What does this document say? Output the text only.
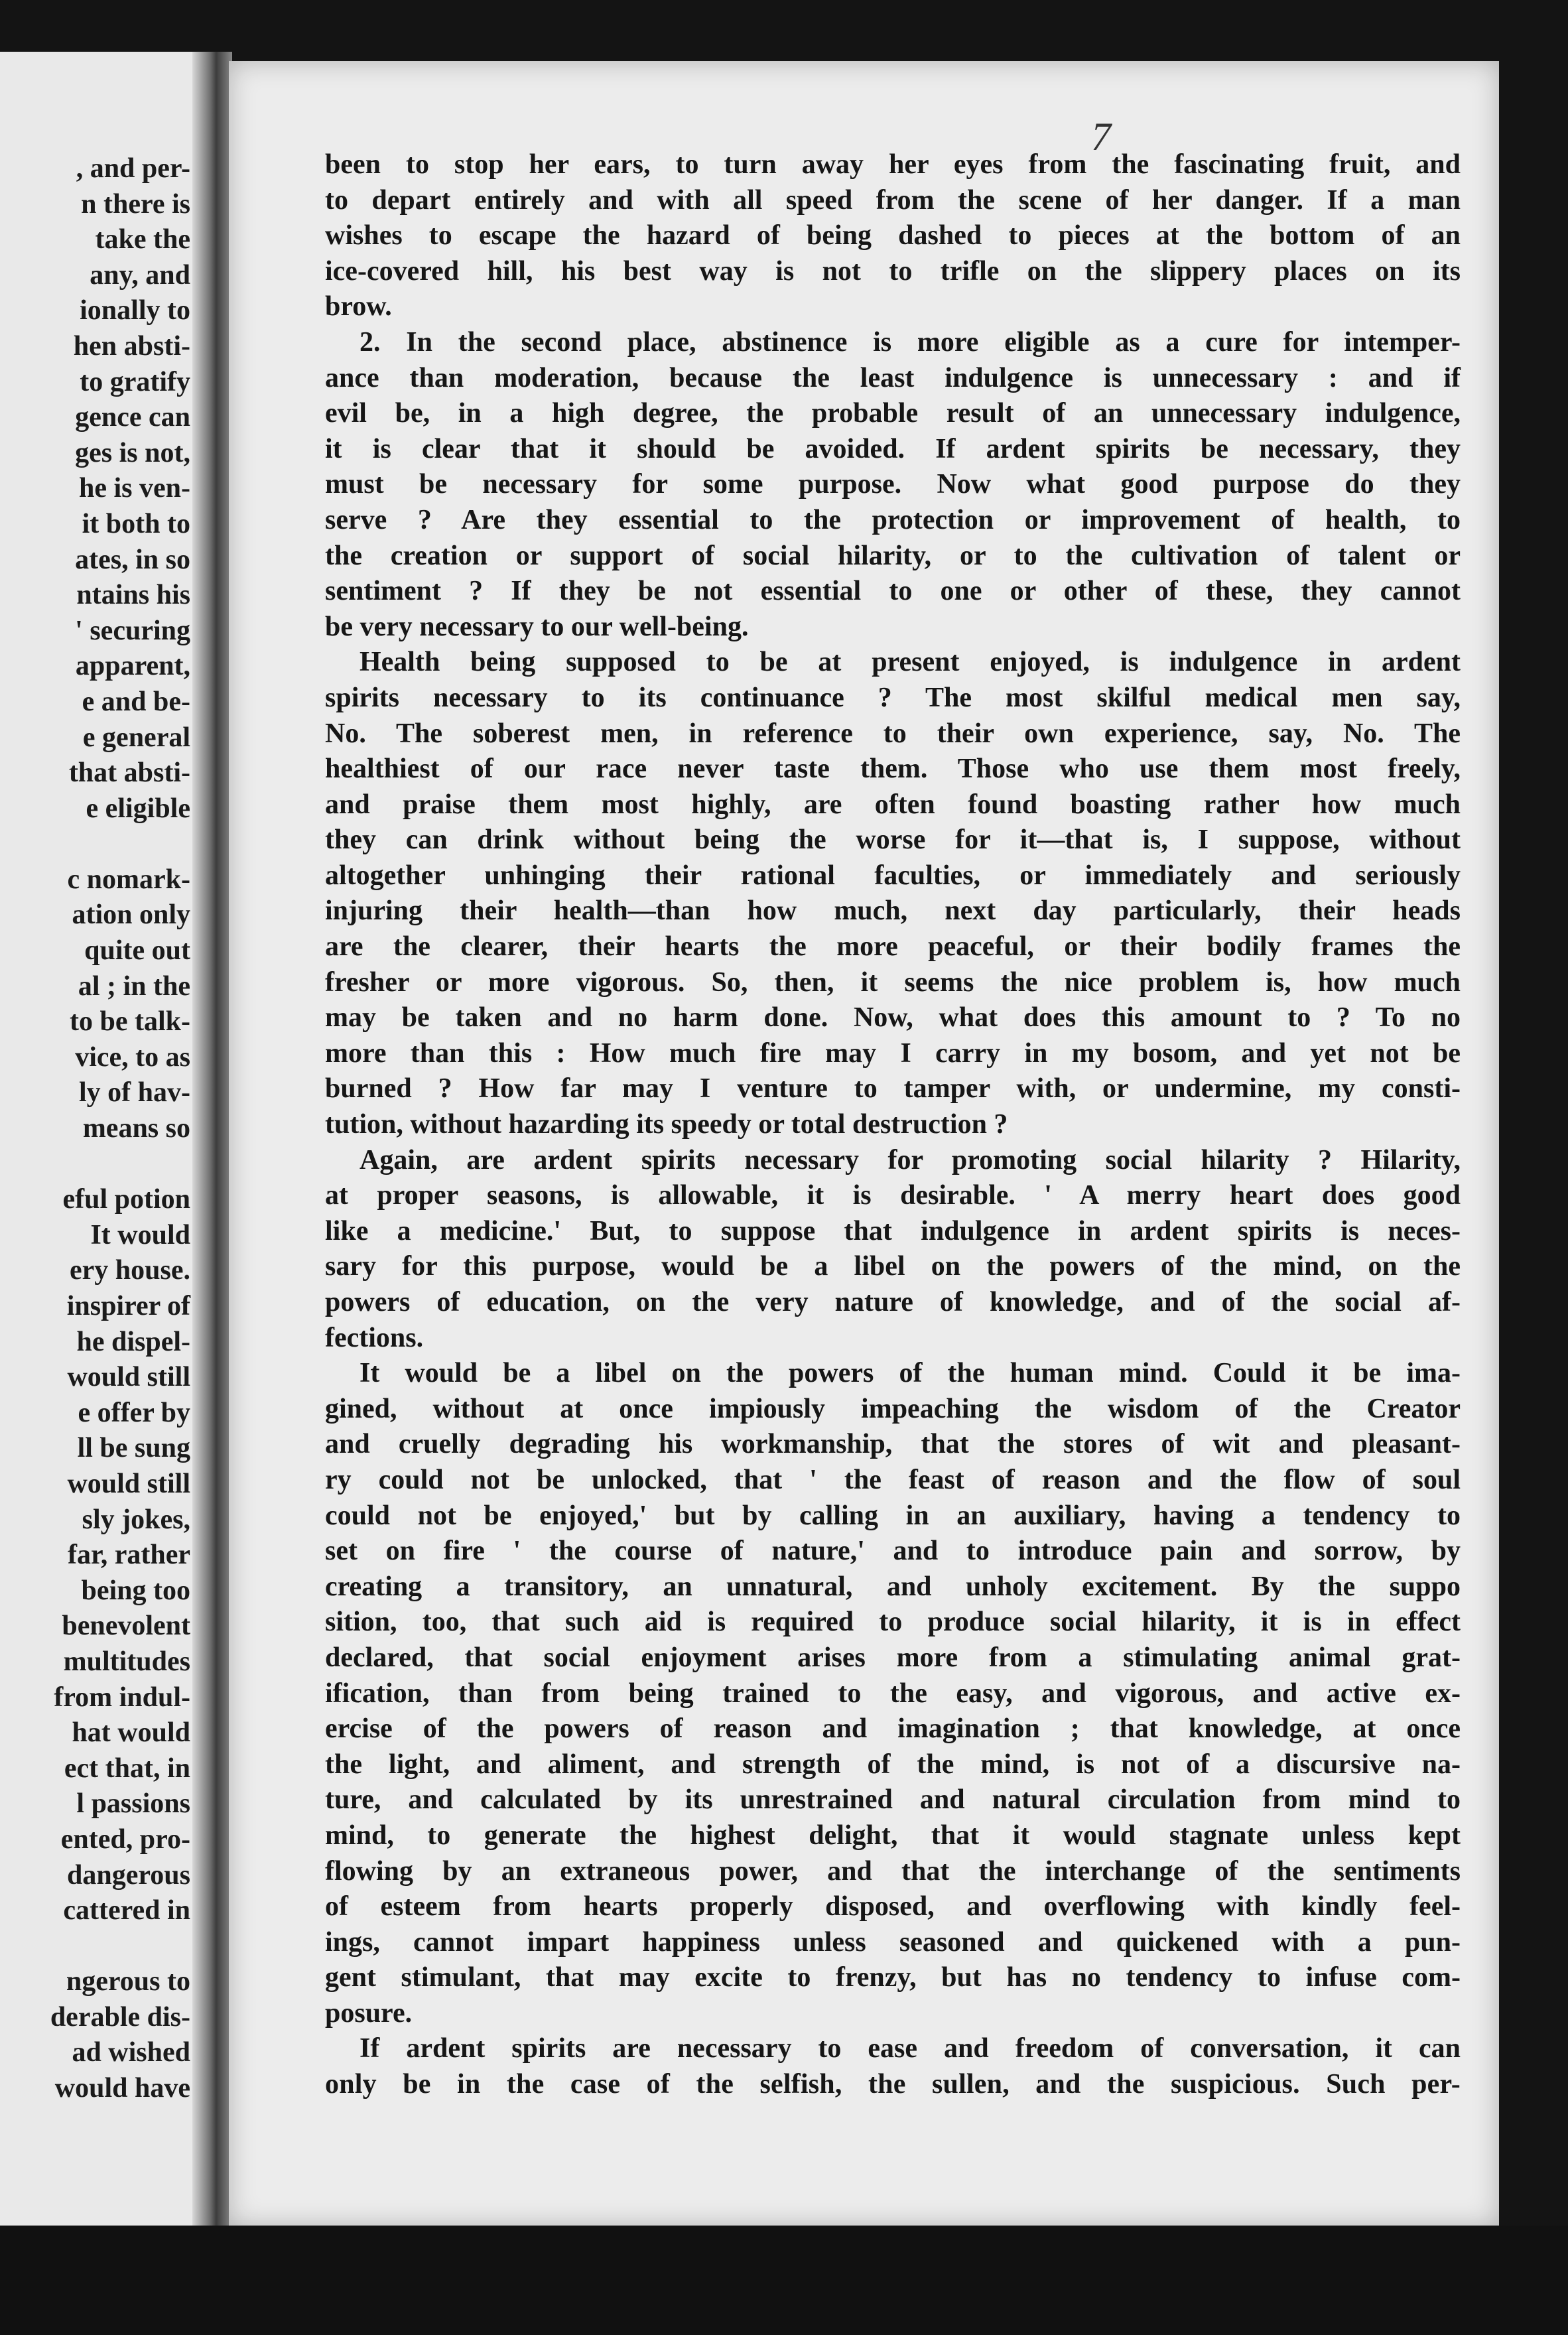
, and per-
n there is
take the
any, and
ionally to
hen absti-
to gratify
gence can
ges is not,
he is ven-
it both to
ates, in so
ntains his
' securing
apparent,
e and be-
e general
that absti-
e eligible

c nomark-
ation only
quite out
al ; in the
to be talk-
vice, to as
ly of hav-
means so

eful potion
It would
ery house.
inspirer of
he dispel-
would still
e offer by
ll be sung
would still
sly jokes,
far, rather
being too
benevolent
multitudes
from indul-
hat would
ect that, in
l passions
ented, pro-
dangerous
cattered in

ngerous to
derable dis-
ad wished
would have
7
been to stop her ears, to turn away her eyes from the fascinating fruit, and
to depart entirely and with all speed from the scene of her danger. If a man
wishes to escape the hazard of being dashed to pieces at the bottom of an
ice-covered hill, his best way is not to trifle on the slippery places on its
brow.
2. In the second place, abstinence is more eligible as a cure for intemper-
ance than moderation, because the least indulgence is unnecessary : and if
evil be, in a high degree, the probable result of an unnecessary indulgence,
it is clear that it should be avoided. If ardent spirits be necessary, they
must be necessary for some purpose. Now what good purpose do they
serve ? Are they essential to the protection or improvement of health, to
the creation or support of social hilarity, or to the cultivation of talent or
sentiment ? If they be not essential to one or other of these, they cannot
be very necessary to our well-being.
Health being supposed to be at present enjoyed, is indulgence in ardent
spirits necessary to its continuance ? The most skilful medical men say,
No. The soberest men, in reference to their own experience, say, No. The
healthiest of our race never taste them. Those who use them most freely,
and praise them most highly, are often found boasting rather how much
they can drink without being the worse for it—that is, I suppose, without
altogether unhinging their rational faculties, or immediately and seriously
injuring their health—than how much, next day particularly, their heads
are the clearer, their hearts the more peaceful, or their bodily frames the
fresher or more vigorous. So, then, it seems the nice problem is, how much
may be taken and no harm done. Now, what does this amount to ? To no
more than this : How much fire may I carry in my bosom, and yet not be
burned ? How far may I venture to tamper with, or undermine, my consti-
tution, without hazarding its speedy or total destruction ?
Again, are ardent spirits necessary for promoting social hilarity ? Hilarity,
at proper seasons, is allowable, it is desirable. ' A merry heart does good
like a medicine.' But, to suppose that indulgence in ardent spirits is neces-
sary for this purpose, would be a libel on the powers of the mind, on the
powers of education, on the very nature of knowledge, and of the social af-
fections.
It would be a libel on the powers of the human mind. Could it be ima-
gined, without at once impiously impeaching the wisdom of the Creator
and cruelly degrading his workmanship, that the stores of wit and pleasant-
ry could not be unlocked, that ' the feast of reason and the flow of soul
could not be enjoyed,' but by calling in an auxiliary, having a tendency to
set on fire ' the course of nature,' and to introduce pain and sorrow, by
creating a transitory, an unnatural, and unholy excitement. By the suppo
sition, too, that such aid is required to produce social hilarity, it is in effect
declared, that social enjoyment arises more from a stimulating animal grat-
ification, than from being trained to the easy, and vigorous, and active ex-
ercise of the powers of reason and imagination ; that knowledge, at once
the light, and aliment, and strength of the mind, is not of a discursive na-
ture, and calculated by its unrestrained and natural circulation from mind to
mind, to generate the highest delight, that it would stagnate unless kept
flowing by an extraneous power, and that the interchange of the sentiments
of esteem from hearts properly disposed, and overflowing with kindly feel-
ings, cannot impart happiness unless seasoned and quickened with a pun-
gent stimulant, that may excite to frenzy, but has no tendency to infuse com-
posure.
If ardent spirits are necessary to ease and freedom of conversation, it can
only be in the case of the selfish, the sullen, and the suspicious. Such per-
